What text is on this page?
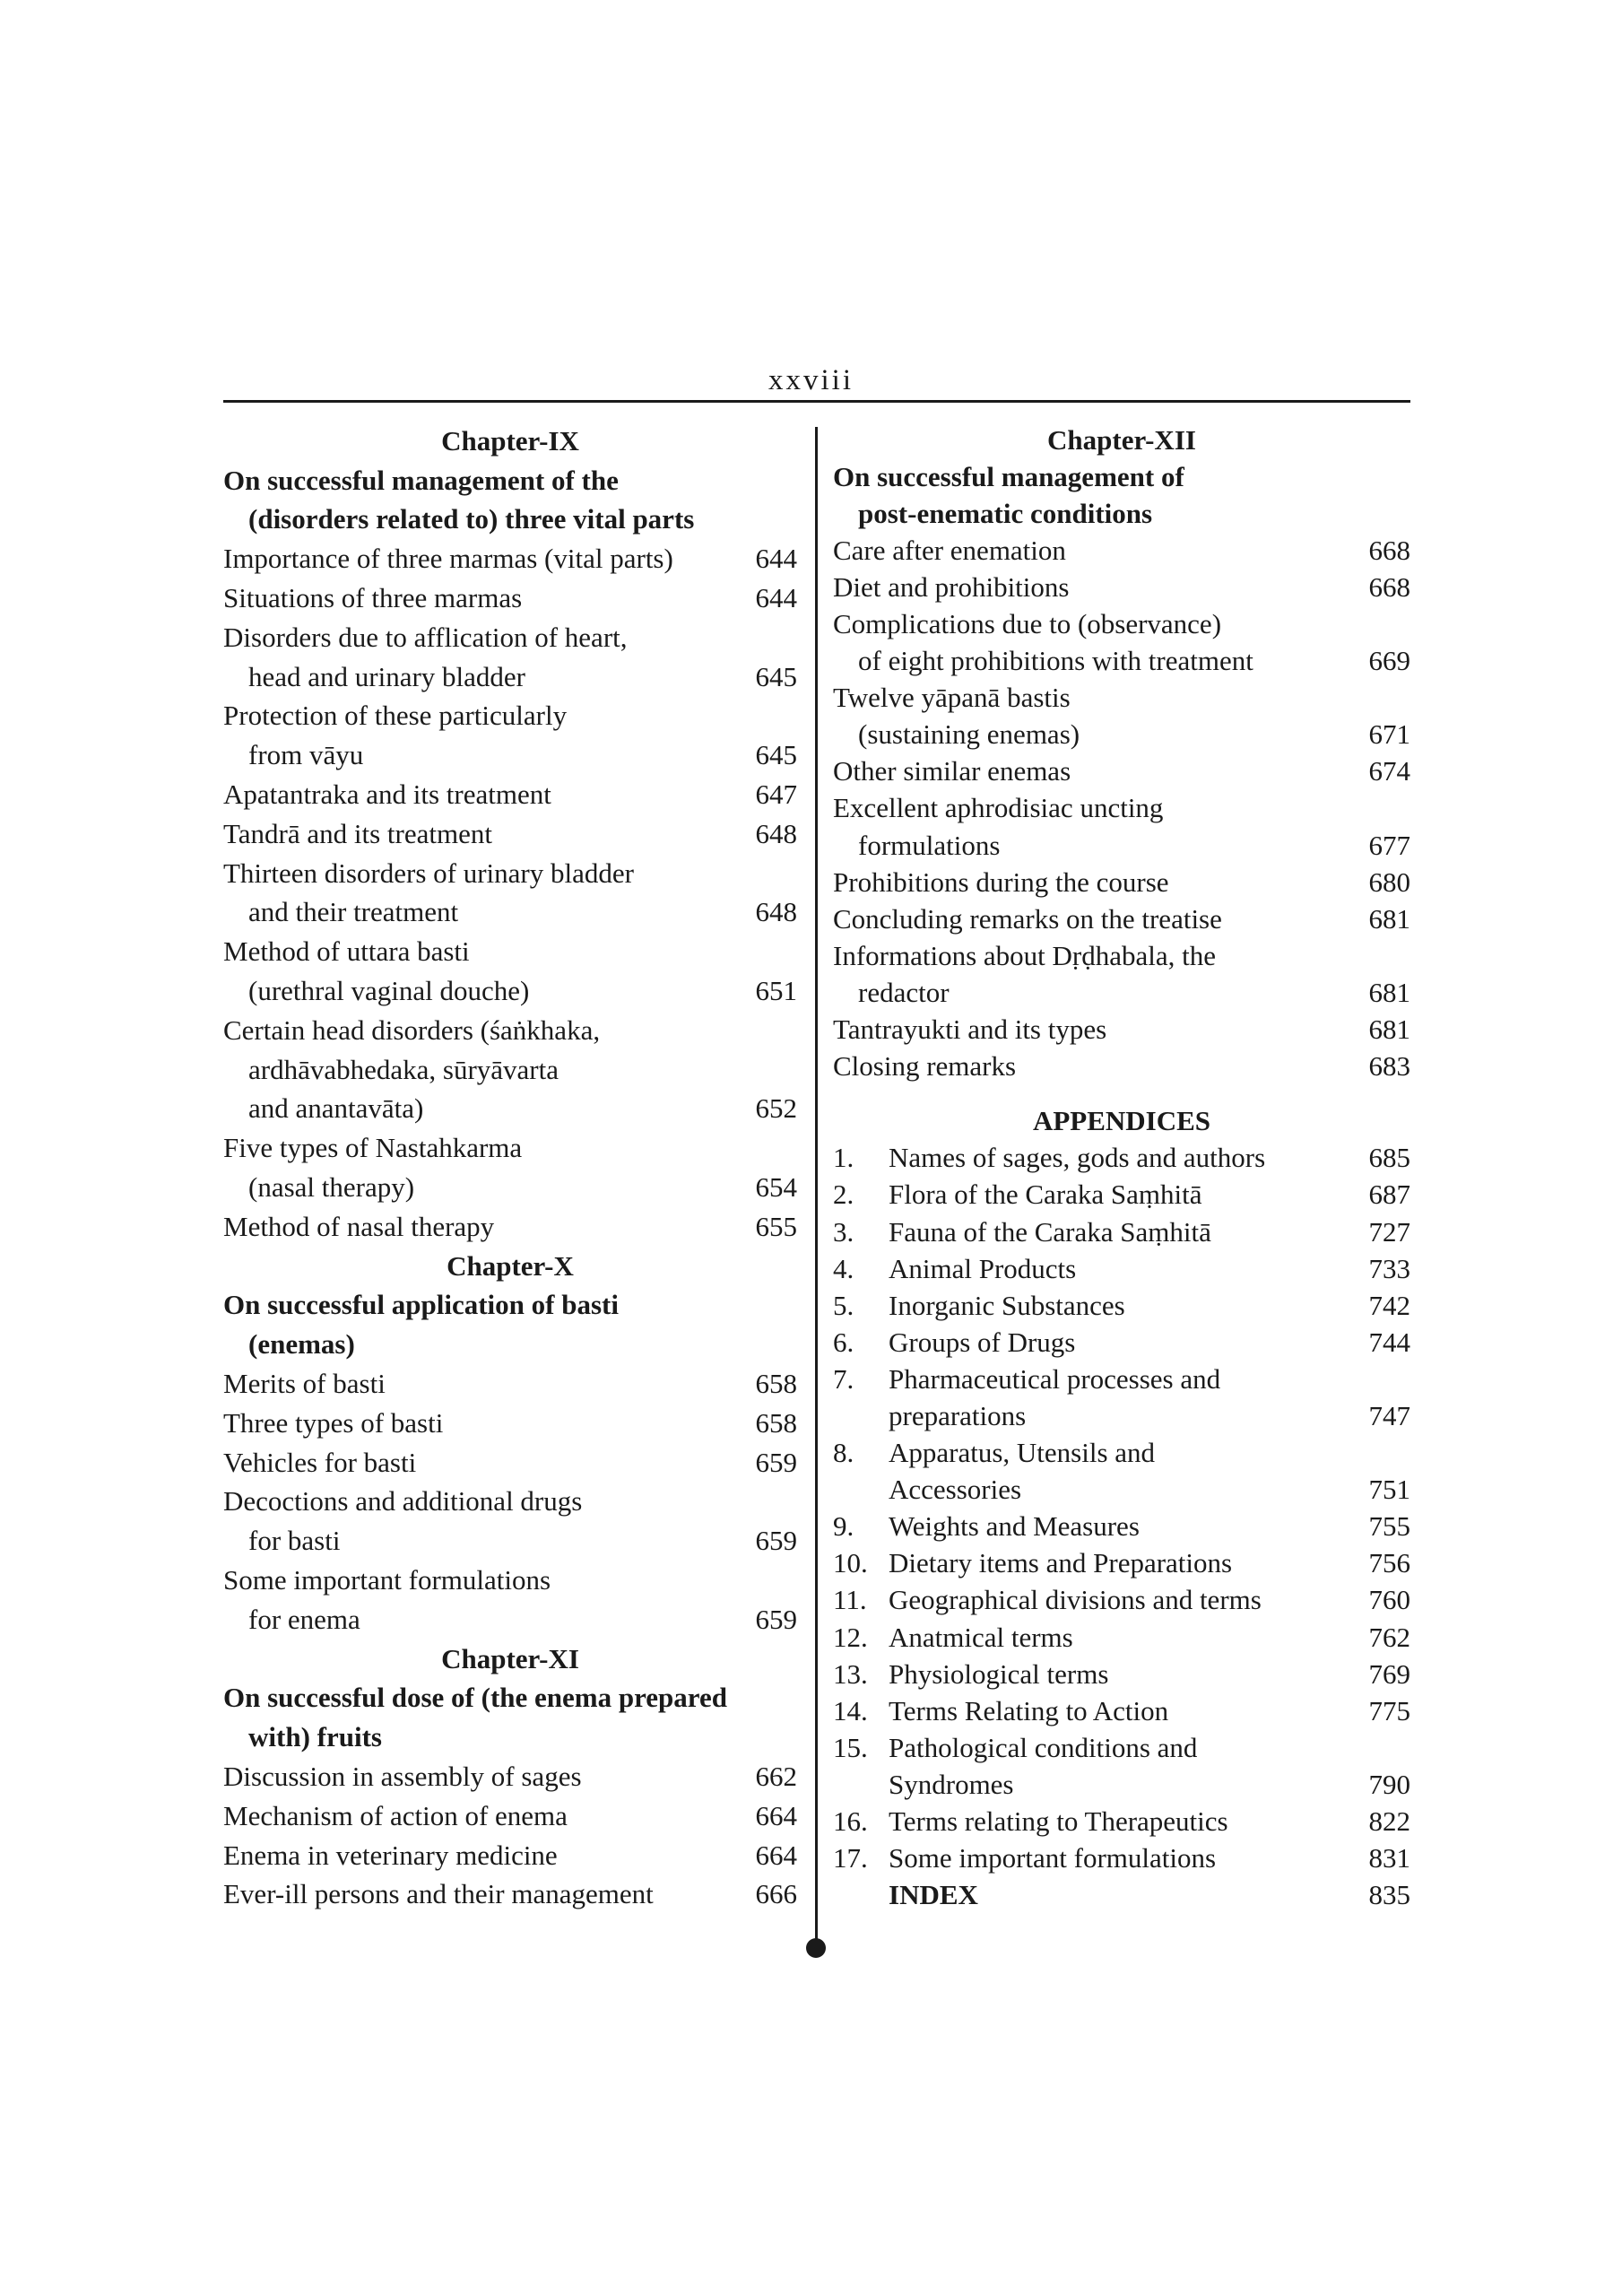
xxviii
Chapter-IX
On successful management of the
(disorders related to) three vital parts
Importance of three marmas (vital parts)	644
Situations of three marmas	644
Disorders due to afflication of heart,
head and urinary bladder	645
Protection of these particularly
from vāyu	645
Apatantraka and its treatment	647
Tandrā and its treatment	648
Thirteen disorders of urinary bladder
and their treatment	648
Method of uttara basti
(urethral vaginal douche)	651
Certain head disorders (śaṅkhaka,
ardhāvabhedaka, sūryāvarta
and anantavāta)	652
Five types of Nastahkarma
(nasal therapy)	654
Method of nasal therapy	655
Chapter-X
On successful application of basti
(enemas)
Merits of basti	658
Three types of basti	658
Vehicles for basti	659
Decoctions and additional drugs
for basti	659
Some important formulations
for enema	659
Chapter-XI
On successful dose of (the enema prepared
with) fruits
Discussion in assembly of sages	662
Mechanism of action of enema	664
Enema in veterinary medicine	664
Ever-ill persons and their management	666
Chapter-XII
On successful management of
post-enematic conditions
Care after enemation	668
Diet and prohibitions	668
Complications due to (observance)
of eight prohibitions with treatment	669
Twelve yāpanā bastis
(sustaining enemas)	671
Other similar enemas	674
Excellent aphrodisiac uncting
formulations	677
Prohibitions during the course	680
Concluding remarks on the treatise	681
Informations about Dṛḍhabala, the
redactor	681
Tantrayukti and its types	681
Closing remarks	683
APPENDICES
1.	Names of sages, gods and authors	685
2.	Flora of the Caraka Saṃhitā	687
3.	Fauna of the Caraka Saṃhitā	727
4.	Animal Products	733
5.	Inorganic Substances	742
6.	Groups of Drugs	744
7.	Pharmaceutical processes and
preparations	747
8.	Apparatus, Utensils and
Accessories	751
9.	Weights and Measures	755
10. Dietary items and Preparations	756
11. Geographical divisions and terms	760
12. Anatmical terms	762
13. Physiological terms	769
14. Terms Relating to Action	775
15. Pathological conditions and
Syndromes	790
16. Terms relating to Therapeutics	822
17. Some important formulations	831
INDEX	835
